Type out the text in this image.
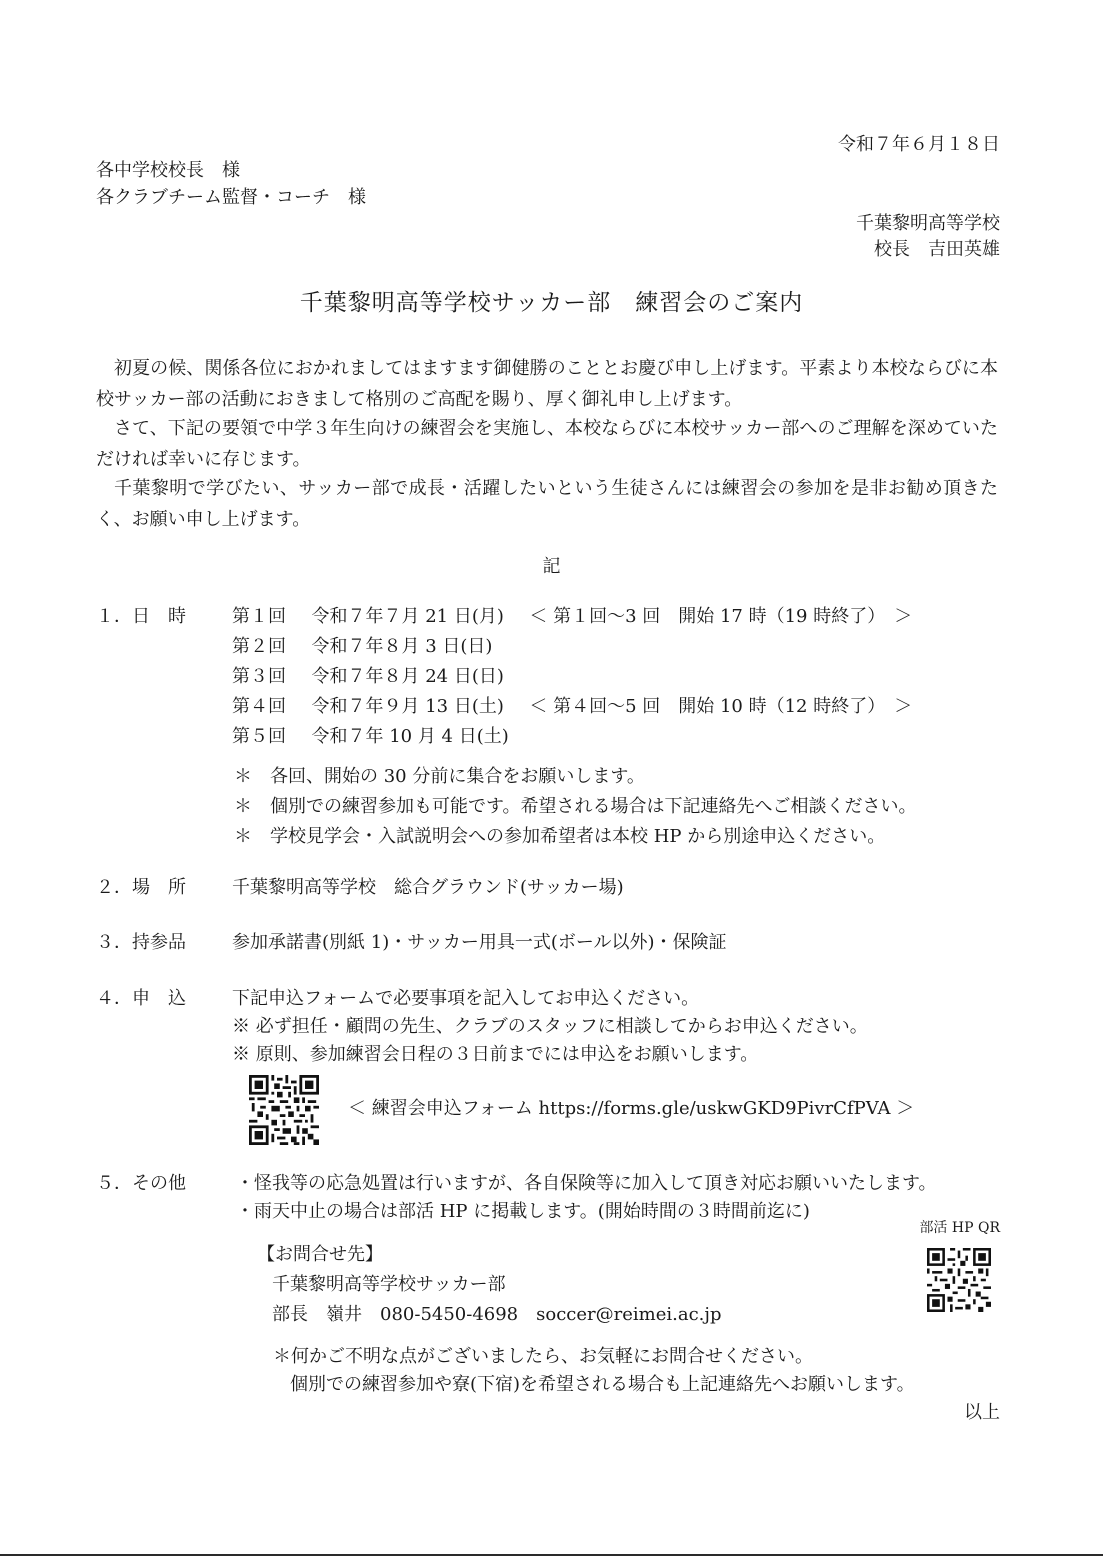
令和７年６月１８日
各中学校校長　様
各クラブチーム監督・コーチ　様
千葉黎明高等学校
校長　吉田英雄
千葉黎明高等学校サッカー部　練習会のご案内
初夏の候、関係各位におかれましてはますます御健勝のこととお慶び申し上げます。平素より本校ならびに本校サッカー部の活動におきまして格別のご高配を賜り、厚く御礼申し上げます。
さて、下記の要領で中学３年生向けの練習会を実施し、本校ならびに本校サッカー部へのご理解を深めていただければ幸いに存じます。
千葉黎明で学びたい、サッカー部で成長・活躍したいという生徒さんには練習会の参加を是非お勧め頂きたく、お願い申し上げます。
記
１．日　時	第１回 令和７年７月 21 日(月) ＜ 第１回〜3 回　開始 17 時（19 時終了）　＞
第２回 令和７年８月 3 日(日)
第３回 令和７年８月 24 日(日)
第４回 令和７年９月 13 日(土) ＜ 第４回〜5 回　開始 10 時（12 時終了）　＞
第５回 令和７年 10 月 4 日(土)
＊　各回、開始の 30 分前に集合をお願いします。
＊　個別での練習参加も可能です。希望される場合は下記連絡先へご相談ください。
＊　学校見学会・入試説明会への参加希望者は本校 HP から別途申込ください。
２．場　所	千葉黎明高等学校　総合グラウンド(サッカー場)
３．持参品	参加承諾書(別紙 1)・サッカー用具一式(ボール以外)・保険証
４．申　込	下記申込フォームで必要事項を記入してお申込ください。
※ 必ず担任・顧問の先生、クラブのスタッフに相談してからお申込ください。
※ 原則、参加練習会日程の３日前までには申込をお願いします。
＜ 練習会申込フォーム https://forms.gle/uskwGKD9PivrCfPVA ＞
５．その他	・怪我等の応急処置は行いますが、各自保険等に加入して頂き対応お願いいたします。
・雨天中止の場合は部活 HP に掲載します。(開始時間の３時間前迄に)
部活 HP QR
【お問合せ先】
千葉黎明高等学校サッカー部
部長　嶺井　080-5450-4698　soccer@reimei.ac.jp
＊何かご不明な点がございましたら、お気軽にお問合せください。
個別での練習参加や寮(下宿)を希望される場合も上記連絡先へお願いします。
以上
